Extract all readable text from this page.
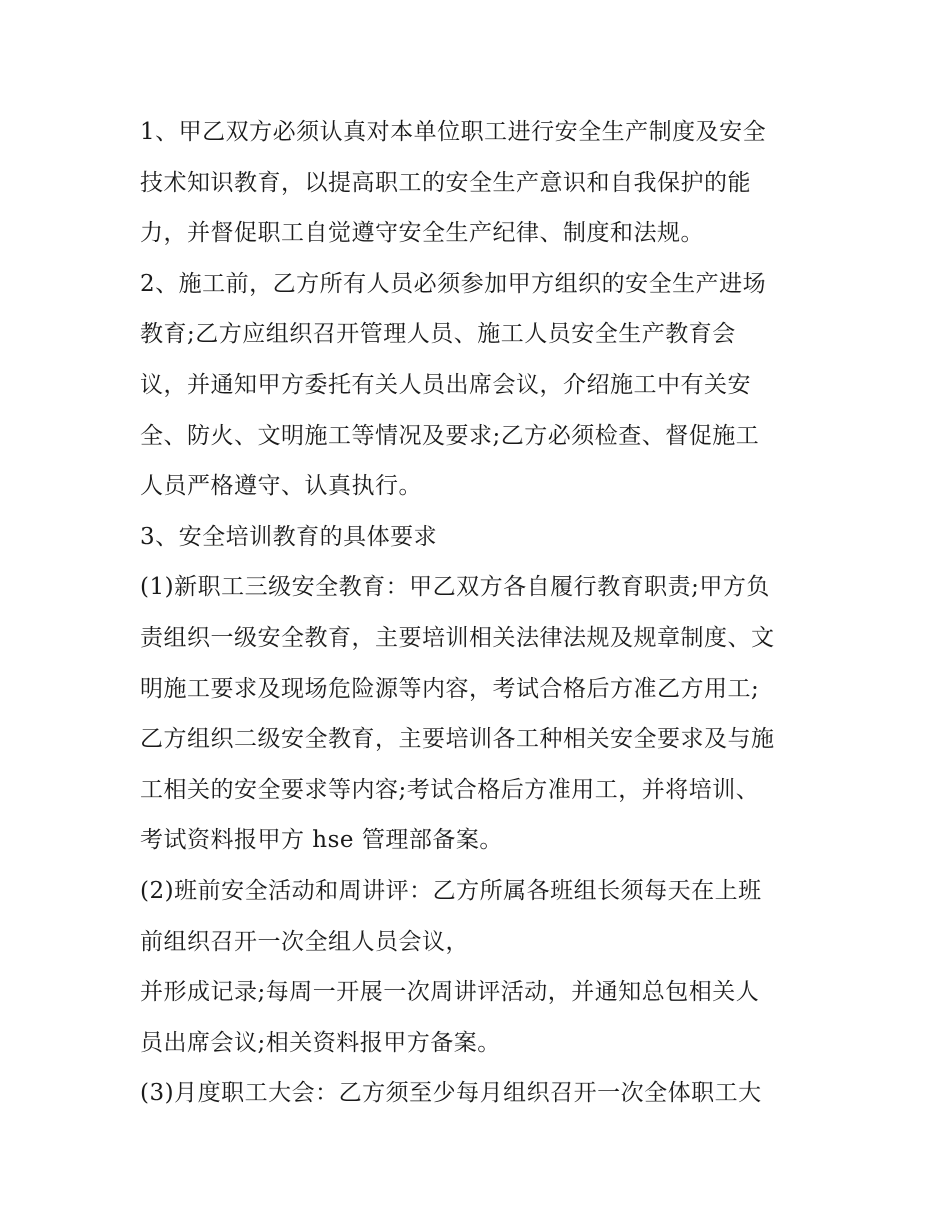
1、甲乙双方必须认真对本单位职工进行安全生产制度及安全
技术知识教育，以提高职工的安全生产意识和自我保护的能
力，并督促职工自觉遵守安全生产纪律、制度和法规。
2、施工前，乙方所有人员必须参加甲方组织的安全生产进场
教育;乙方应组织召开管理人员、施工人员安全生产教育会
议，并通知甲方委托有关人员出席会议，介绍施工中有关安
全、防火、文明施工等情况及要求;乙方必须检查、督促施工
人员严格遵守、认真执行。
3、安全培训教育的具体要求
(1)新职工三级安全教育：甲乙双方各自履行教育职责;甲方负
责组织一级安全教育，主要培训相关法律法规及规章制度、文
明施工要求及现场危险源等内容，考试合格后方准乙方用工;
乙方组织二级安全教育，主要培训各工种相关安全要求及与施
工相关的安全要求等内容;考试合格后方准用工，并将培训、
考试资料报甲方 hse 管理部备案。
(2)班前安全活动和周讲评：乙方所属各班组长须每天在上班
前组织召开一次全组人员会议，
并形成记录;每周一开展一次周讲评活动，并通知总包相关人
员出席会议;相关资料报甲方备案。
(3)月度职工大会：乙方须至少每月组织召开一次全体职工大
